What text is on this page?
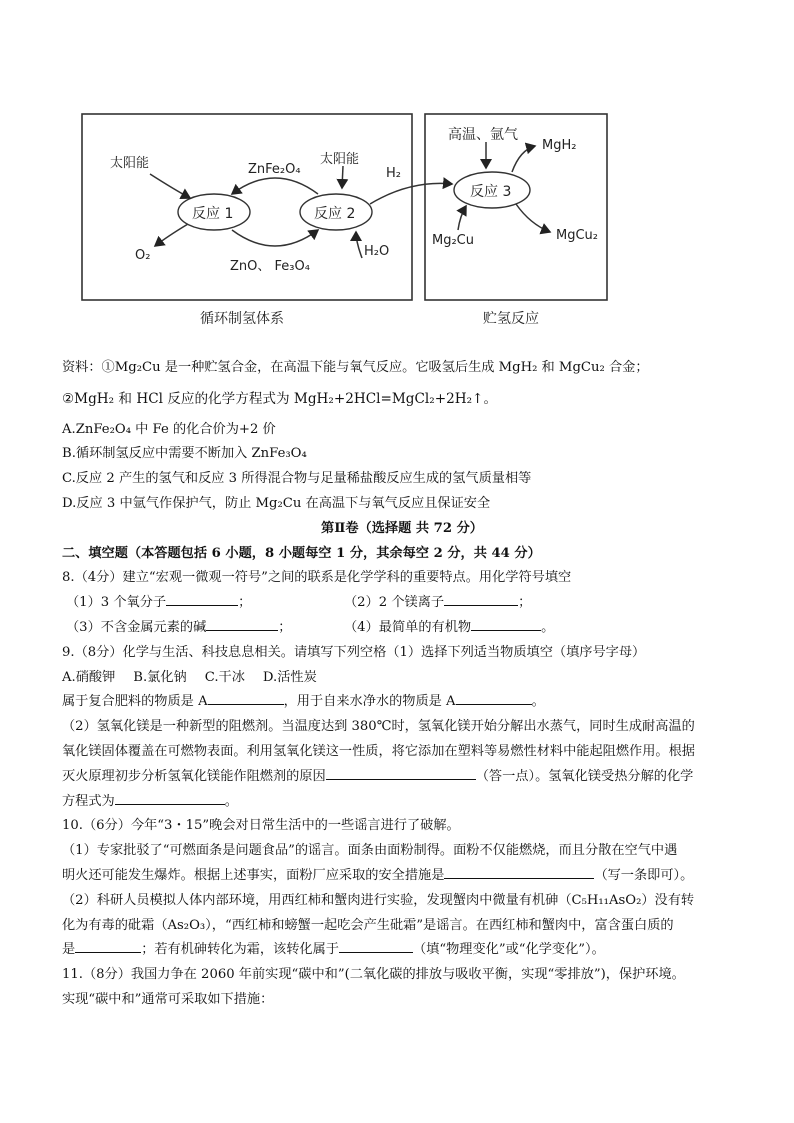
太阳能	ZnFe₂O₄
太阳能
H₂
高温、氩气
MgH₂
反应 1	反应 2
反应 3
O₂
ZnO、 Fe₃O₄
H₂O
Mg₂Cu	MgCu₂
循环制氢体系	贮氢反应
资料：①Mg₂Cu 是一种贮氢合金，在高温下能与氧气反应。它吸氢后生成 MgH₂ 和 MgCu₂ 合金；
②MgH₂ 和 HCl 反应的化学方程式为 MgH₂+2HCl=MgCl₂+2H₂↑。
A.ZnFe₂O₄ 中 Fe 的化合价为+2 价
B.循环制氢反应中需要不断加入 ZnFe₃O₄
C.反应 2 产生的氢气和反应 3 所得混合物与足量稀盐酸反应生成的氢气质量相等
D.反应 3 中氩气作保护气，防止 Mg₂Cu 在高温下与氧气反应且保证安全
第Ⅱ卷（选择题 共 72 分）
二、填空题（本答题包括 6 小题，8 小题每空 1 分，其余每空 2 分，共 44 分）
8.（4分）建立“宏观一微观一符号”之间的联系是化学学科的重要特点。用化学符号填空
（1）3 个氧分子	；	（2）2 个镁离子	；
（3）不含金属元素的碱	；	（4）最简单的有机物	。
9.（8分）化学与生活、科技息息相关。请填写下列空格（1）选择下列适当物质填空（填序号字母）
A.硝酸钾 B.氯化钠 C.干冰 D.活性炭
属于复合肥料的物质是 A	，用于自来水净水的物质是 A	。
（2）氢氧化镁是一种新型的阻燃剂。当温度达到 380℃时，氢氧化镁开始分解出水蒸气，同时生成耐高温的
氧化镁固体覆盖在可燃物表面。利用氢氧化镁这一性质，将它添加在塑料等易燃性材料中能起阻燃作用。根据
灭火原理初步分析氢氧化镁能作阻燃剂的原因	（答一点）。氢氧化镁受热分解的化学
方程式为	。
10.（6分）今年“3・15”晚会对日常生活中的一些谣言进行了破解。
（1）专家批驳了“可燃面条是问题食品”的谣言。面条由面粉制得。面粉不仅能燃烧，而且分散在空气中遇
明火还可能发生爆炸。根据上述事实，面粉厂应采取的安全措施是	（写一条即可）。
（2）科研人员模拟人体内部环境，用西红柿和蟹肉进行实验，发现蟹肉中微量有机砷（C₅H₁₁AsO₂）没有转
化为有毒的砒霜（As₂O₃），“西红柿和螃蟹一起吃会产生砒霜”是谣言。在西红柿和蟹肉中，富含蛋白质的
是	；若有机砷转化为霜，该转化属于	（填“物理变化”或“化学变化”）。
11.（8分）我国力争在 2060 年前实现“碳中和”(二氧化碳的排放与吸收平衡，实现“零排放”)，保护环境。
实现“碳中和”通常可采取如下措施：
